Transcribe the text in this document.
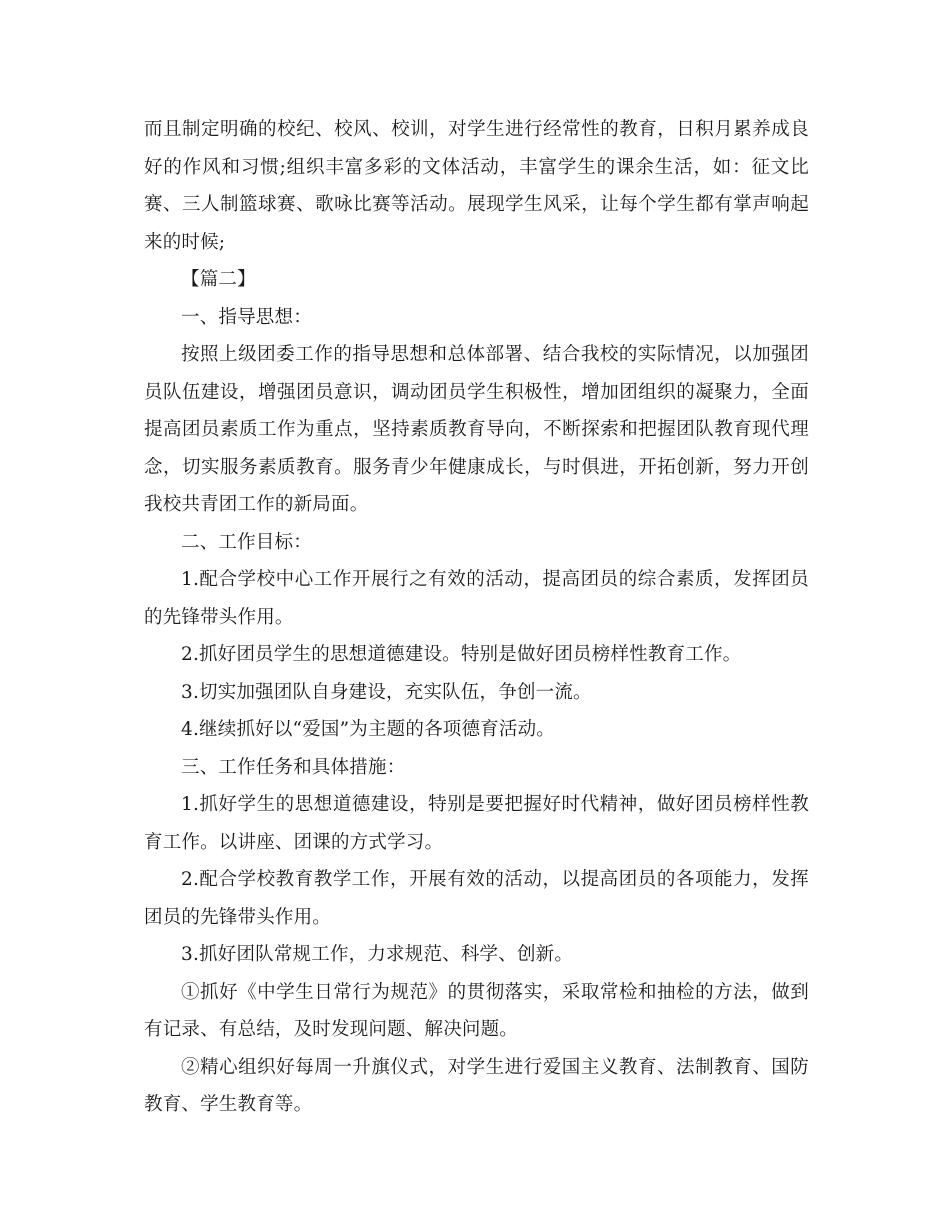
而且制定明确的校纪、校风、校训，对学生进行经常性的教育，日积月累养成良好的作风和习惯;组织丰富多彩的文体活动，丰富学生的课余生活，如：征文比赛、三人制篮球赛、歌咏比赛等活动。展现学生风采，让每个学生都有掌声响起来的时候;

【篇二】

一、指导思想：

按照上级团委工作的指导思想和总体部署、结合我校的实际情况，以加强团员队伍建设，增强团员意识，调动团员学生积极性，增加团组织的凝聚力，全面提高团员素质工作为重点，坚持素质教育导向，不断探索和把握团队教育现代理念，切实服务素质教育。服务青少年健康成长，与时俱进，开拓创新，努力开创我校共青团工作的新局面。

二、工作目标：

1.配合学校中心工作开展行之有效的活动，提高团员的综合素质，发挥团员的先锋带头作用。

2.抓好团员学生的思想道德建设。特别是做好团员榜样性教育工作。

3.切实加强团队自身建设，充实队伍，争创一流。

4.继续抓好以“爱国”为主题的各项德育活动。

三、工作任务和具体措施：

1.抓好学生的思想道德建设，特别是要把握好时代精神，做好团员榜样性教育工作。以讲座、团课的方式学习。

2.配合学校教育教学工作，开展有效的活动，以提高团员的各项能力，发挥团员的先锋带头作用。

3.抓好团队常规工作，力求规范、科学、创新。

①抓好《中学生日常行为规范》的贯彻落实，采取常检和抽检的方法，做到有记录、有总结，及时发现问题、解决问题。

②精心组织好每周一升旗仪式，对学生进行爱国主义教育、法制教育、国防教育、学生教育等。
